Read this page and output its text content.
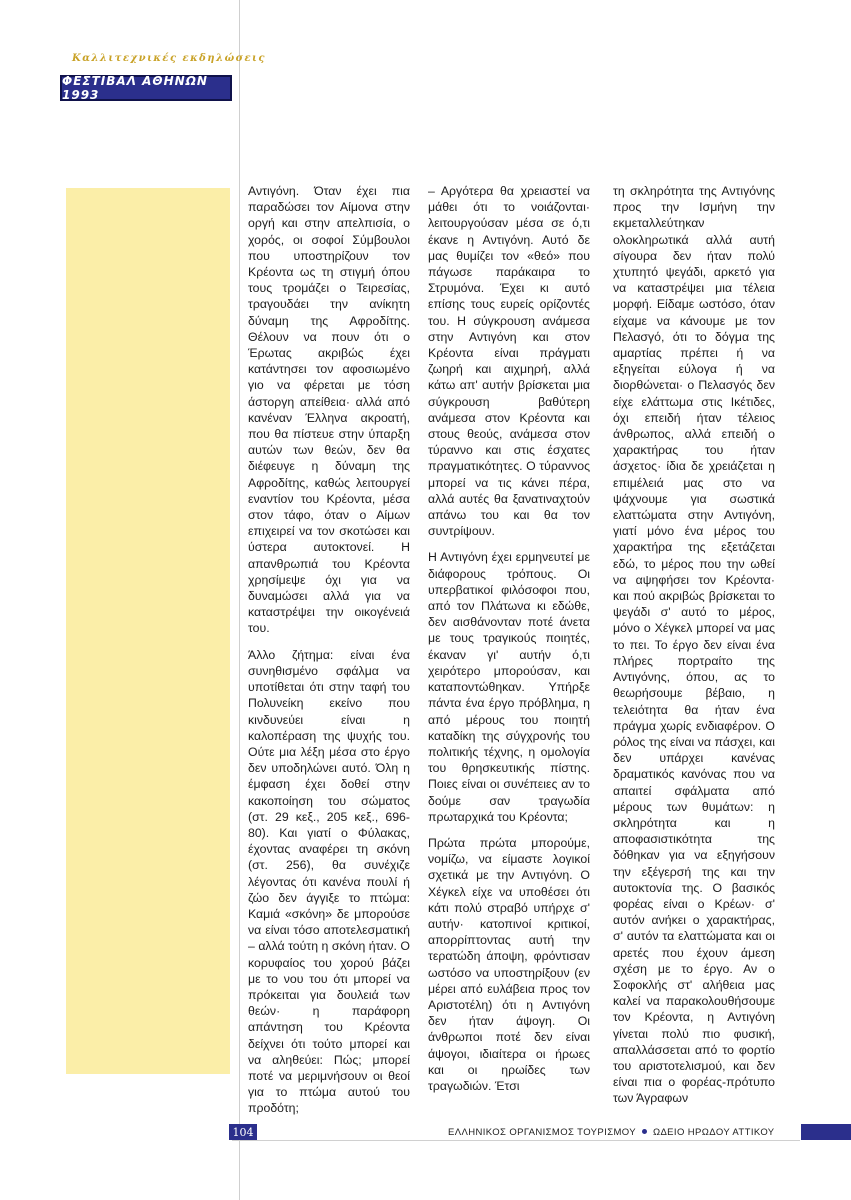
Καλλιτεχνικές εκδηλώσεις
ΦΕΣΤΙΒΑΛ ΑΘΗΝΩΝ 1993

Αντιγόνη. Όταν έχει πια παραδώσει τον Αίμονα στην οργή και στην απελπισία, ο χορός, οι σοφοί Σύμβουλοι που υποστηρίζουν τον Κρέοντα ως τη στιγμή όπου τους τρομάζει ο Τειρεσίας, τραγουδάει την ανίκητη δύναμη της Αφροδίτης. Θέλουν να πουν ότι ο Έρωτας ακριβώς έχει κατάντησει τον αφοσιωμένο γιο να φέρεται με τόση άστοργη απείθεια· αλλά από κανέναν Έλληνα ακροατή, που θα πίστευε στην ύπαρξη αυτών των θεών, δεν θα διέφευγε η δύναμη της Αφροδίτης, καθώς λειτουργεί εναντίον του Κρέοντα, μέσα στον τάφο, όταν ο Αίμων επιχειρεί να τον σκοτώσει και ύστερα αυτοκτονεί. Η απανθρωπιά του Κρέοντα χρησίμεψε όχι για να δυναμώσει αλλά για να καταστρέψει την οικογένειά του.

Άλλο ζήτημα: είναι ένα συνηθισμένο σφάλμα να υποτίθεται ότι στην ταφή του Πολυνείκη εκείνο που κινδυνεύει είναι η καλοπέραση της ψυχής του. Ούτε μια λέξη μέσα στο έργο δεν υποδηλώνει αυτό. Όλη η έμφαση έχει δοθεί στην κακοποίηση του σώματος (στ. 29 κεξ., 205 κεξ., 696-80). Και γιατί ο Φύλακας, έχοντας αναφέρει τη σκόνη (στ. 256), θα συνέχιζε λέγοντας ότι κανένα πουλί ή ζώο δεν άγγιξε το πτώμα: Καμιά «σκόνη» δε μπορούσε να είναι τόσο αποτελεσματική – αλλά τούτη η σκόνη ήταν. Ο κορυφαίος του χορού βάζει με το νου του ότι μπορεί να πρόκειται για δουλειά των θεών· η παράφορη απάντηση του Κρέοντα δείχνει ότι τούτο μπορεί και να αληθεύει: Πώς; μπορεί ποτέ να μεριμνήσουν οι θεοί για το πτώμα αυτού του προδότη;

– Αργότερα θα χρειαστεί να μάθει ότι το νοιάζονται· λειτουργούσαν μέσα σε ό,τι έκανε η Αντιγόνη. Αυτό δε μας θυμίζει τον «θεό» που πάγωσε παράκαιρα το Στρυμόνα. Έχει κι αυτό επίσης τους ευρείς ορίζοντές του. Η σύγκρουση ανάμεσα στην Αντιγόνη και στον Κρέοντα είναι πράγματι ζωηρή και αιχμηρή, αλλά κάτω απ' αυτήν βρίσκεται μια σύγκρουση βαθύτερη ανάμεσα στον Κρέοντα και στους θεούς, ανάμεσα στον τύραννο και στις έσχατες πραγματικότητες. Ο τύραννος μπορεί να τις κάνει πέρα, αλλά αυτές θα ξανατιναχτούν απάνω του και θα τον συντρίψουν.

Η Αντιγόνη έχει ερμηνευτεί με διάφορους τρόπους. Οι υπερβατικοί φιλόσοφοι που, από τον Πλάτωνα κι εδώθε, δεν αισθάνονταν ποτέ άνετα με τους τραγικούς ποιητές, έκαναν γι' αυτήν ό,τι χειρότερο μπορούσαν, και καταποντώθηκαν. Υπήρξε πάντα ένα έργο πρόβλημα, η από μέρους του ποιητή καταδίκη της σύγχρονής του πολιτικής τέχνης, η ομολογία του θρησκευτικής πίστης. Ποιες είναι οι συνέπειες αν το δούμε σαν τραγωδία πρωταρχικά του Κρέοντα;

Πρώτα πρώτα μπορούμε, νομίζω, να είμαστε λογικοί σχετικά με την Αντιγόνη. Ο Χέγκελ είχε να υποθέσει ότι κάτι πολύ στραβό υπήρχε σ' αυτήν· κατοπινοί κριτικοί, απορρίπτοντας αυτή την τερατώδη άποψη, φρόντισαν ωστόσο να υποστηρίξουν (εν μέρει από ευλάβεια προς τον Αριστοτέλη) ότι η Αντιγόνη δεν ήταν άψογη. Οι άνθρωποι ποτέ δεν είναι άψογοι, ιδιαίτερα οι ήρωες και οι ηρωίδες των τραγωδιών. Έτσι

τη σκληρότητα της Αντιγόνης προς την Ισμήνη την εκμεταλλεύτηκαν ολοκληρωτικά αλλά αυτή σίγουρα δεν ήταν πολύ χτυπητό ψεγάδι, αρκετό για να καταστρέψει μια τέλεια μορφή. Είδαμε ωστόσο, όταν είχαμε να κάνουμε με τον Πελασγό, ότι το δόγμα της αμαρτίας πρέπει ή να εξηγείται εύλογα ή να διορθώνεται· ο Πελασγός δεν είχε ελάττωμα στις Ικέτιδες, όχι επειδή ήταν τέλειος άνθρωπος, αλλά επειδή ο χαρακτήρας του ήταν άσχετος· ίδια δε χρειάζεται η επιμέλειά μας στο να ψάχνουμε για σωστικά ελαττώματα στην Αντιγόνη, γιατί μόνο ένα μέρος του χαρακτήρα της εξετάζεται εδώ, το μέρος που την ωθεί να αψηφήσει τον Κρέοντα· και πού ακριβώς βρίσκεται το ψεγάδι σ' αυτό το μέρος, μόνο ο Χέγκελ μπορεί να μας το πει. Το έργο δεν είναι ένα πλήρες πορτραίτο της Αντιγόνης, όπου, ας το θεωρήσουμε βέβαιο, η τελειότητα θα ήταν ένα πράγμα χωρίς ενδιαφέρον. Ο ρόλος της είναι να πάσχει, και δεν υπάρχει κανένας δραματικός κανόνας που να απαιτεί σφάλματα από μέρους των θυμάτων: η σκληρότητα και η αποφασιστικότητα της δόθηκαν για να εξηγήσουν την εξέγερσή της και την αυτοκτονία της. Ο βασικός φορέας είναι ο Κρέων· σ' αυτόν ανήκει ο χαρακτήρας, σ' αυτόν τα ελαττώματα και οι αρετές που έχουν άμεση σχέση με το έργο. Αν ο Σοφοκλής στ' αλήθεια μας καλεί να παρακολουθήσουμε τον Κρέοντα, η Αντιγόνη γίνεται πολύ πιο φυσική, απαλλάσσεται από το φορτίο του αριστοτελισμού, και δεν είναι πια ο φορέας-πρότυπο των Άγραφων

104	ΕΛΛΗΝΙΚΟΣ ΟΡΓΑΝΙΣΜΟΣ ΤΟΥΡΙΣΜΟΥ ΩΔΕΙΟ ΗΡΩΔΟΥ ΑΤΤΙΚΟΥ
